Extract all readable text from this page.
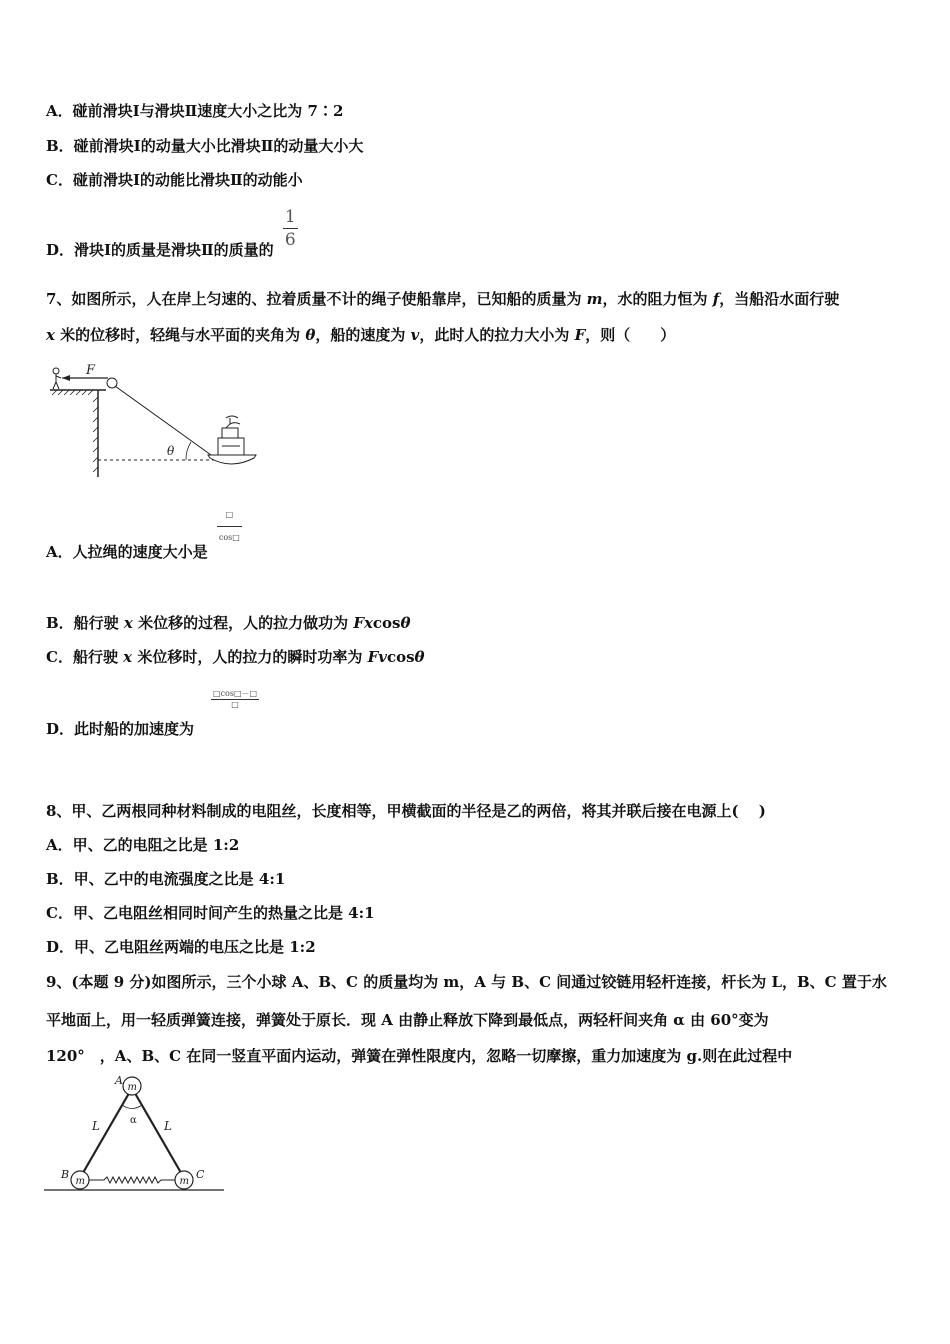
A．碰前滑块Ⅰ与滑块Ⅱ速度大小之比为 7∶2
B．碰前滑块Ⅰ的动量大小比滑块Ⅱ的动量大小大
C．碰前滑块Ⅰ的动能比滑块Ⅱ的动能小
D．滑块Ⅰ的质量是滑块Ⅱ的质量的 $\frac{1}{6}$
7、如图所示，人在岸上匀速的、拉着质量不计的绳子使船靠岸，已知船的质量为 m，水的阻力恒为 f，当船沿水面行驶
x 米的位移时，轻绳与水平面的夹角为 θ，船的速度为 v，此时人的拉力大小为 F，则（　　）
F
θ
A．人拉绳的速度大小是
$\frac{□}{\cos□}$
B．船行驶 x 米位移的过程，人的拉力做功为 Fxcosθ
C．船行驶 x 米位移时，人的拉力的瞬时功率为 Fvcosθ
D．此时船的加速度为
□cos□－□
□
8、甲、乙两根同种材料制成的电阻丝，长度相等，甲横截面的半径是乙的两倍，将其并联后接在电源上(　 )
A．甲、乙的电阻之比是 1:2
B．甲、乙中的电流强度之比是 4:1
C．甲、乙电阻丝相同时间产生的热量之比是 4:1
D．甲、乙电阻丝两端的电压之比是 1:2
9、(本题 9 分)如图所示，三个小球 A、B、C 的质量均为 m，A 与 B、C 间通过铰链用轻杆连接，杆长为 L，B、C 置于水
平地面上，用一轻质弹簧连接，弹簧处于原长．现 A 由静止释放下降到最低点，两轻杆间夹角 α 由 60°变为
120°　，A、B、C 在同一竖直平面内运动，弹簧在弹性限度内，忽略一切摩擦，重力加速度为 g.则在此过程中
α
m
m	m
A
B	C
L	L
